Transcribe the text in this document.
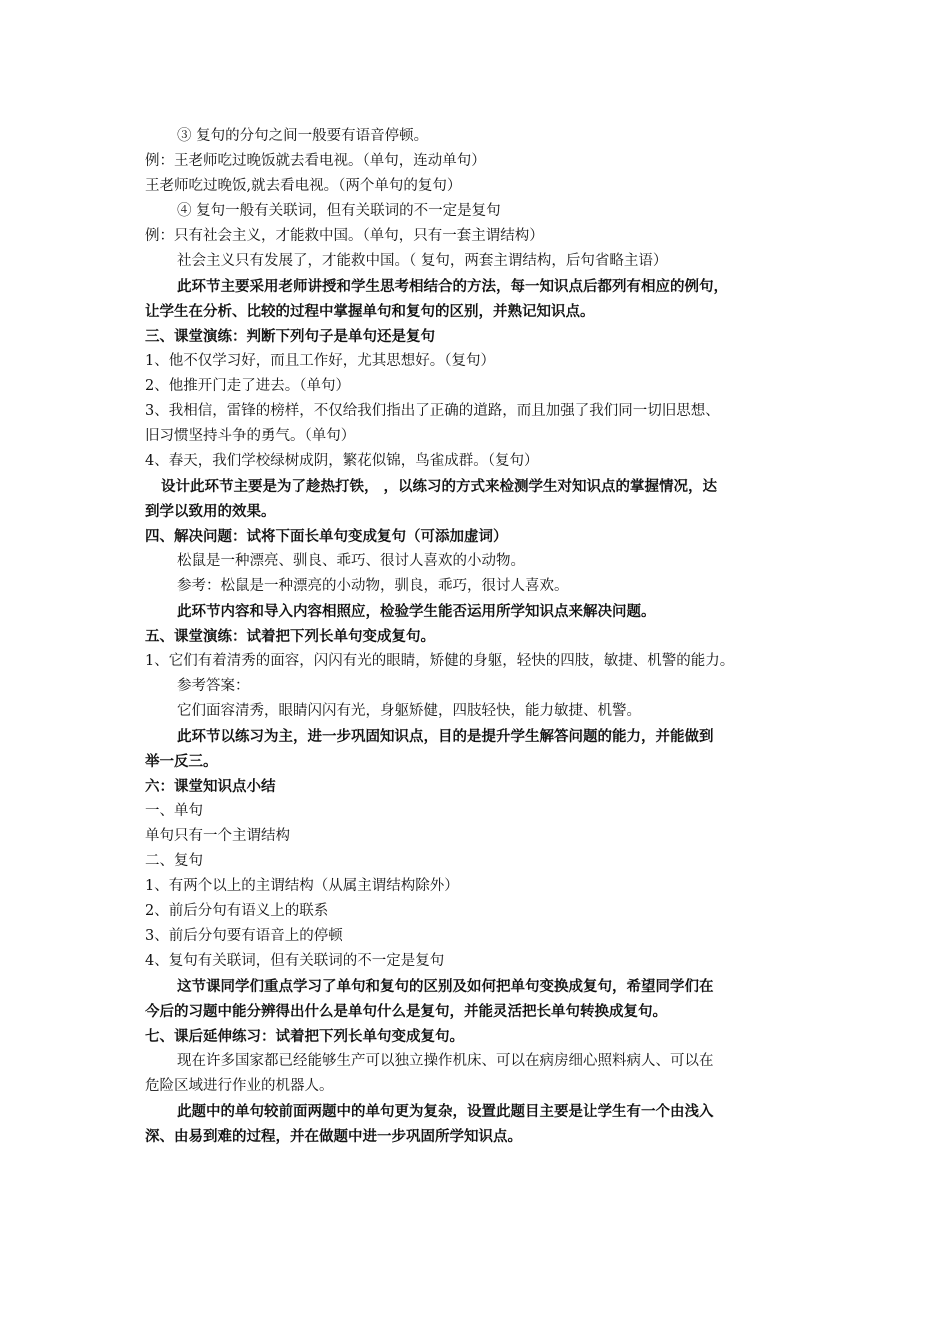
③ 复句的分句之间一般要有语音停顿。
例：王老师吃过晚饭就去看电视。（单句，连动单句）
王老师吃过晚饭,就去看电视。（两个单句的复句）
④ 复句一般有关联词，但有关联词的不一定是复句
例：只有社会主义，才能救中国。（单句，只有一套主谓结构）
社会主义只有发展了，才能救中国。（ 复句，两套主谓结构，后句省略主语）
此环节主要采用老师讲授和学生思考相结合的方法，每一知识点后都列有相应的例句，
让学生在分析、比较的过程中掌握单句和复句的区别，并熟记知识点。
三、课堂演练：判断下列句子是单句还是复句
1、他不仅学习好，而且工作好，尤其思想好。（复句）
2、他推开门走了进去。（单句）
3、我相信，雷锋的榜样，不仅给我们指出了正确的道路，而且加强了我们同一切旧思想、
旧习惯坚持斗争的勇气。（单句）
4、春天，我们学校绿树成阴，繁花似锦，鸟雀成群。（复句）
设计此环节主要是为了趁热打铁， ，以练习的方式来检测学生对知识点的掌握情况，达
到学以致用的效果。
四、解决问题：试将下面长单句变成复句（可添加虚词）
松鼠是一种漂亮、驯良、乖巧、很讨人喜欢的小动物。
参考：松鼠是一种漂亮的小动物，驯良，乖巧，很讨人喜欢。
此环节内容和导入内容相照应，检验学生能否运用所学知识点来解决问题。
五、课堂演练：试着把下列长单句变成复句。
1、它们有着清秀的面容，闪闪有光的眼睛，矫健的身躯，轻快的四肢，敏捷、机警的能力。
参考答案：
它们面容清秀，眼睛闪闪有光，身躯矫健，四肢轻快，能力敏捷、机警。
此环节以练习为主，进一步巩固知识点，目的是提升学生解答问题的能力，并能做到
举一反三。
六：课堂知识点小结
一、单句
单句只有一个主谓结构
二、复句
1、有两个以上的主谓结构（从属主谓结构除外）
2、前后分句有语义上的联系
3、前后分句要有语音上的停顿
4、复句有关联词，但有关联词的不一定是复句
这节课同学们重点学习了单句和复句的区别及如何把单句变换成复句，希望同学们在
今后的习题中能分辨得出什么是单句什么是复句，并能灵活把长单句转换成复句。
七、课后延伸练习：试着把下列长单句变成复句。
现在许多国家都已经能够生产可以独立操作机床、可以在病房细心照料病人、可以在
危险区域进行作业的机器人。
此题中的单句较前面两题中的单句更为复杂，设置此题目主要是让学生有一个由浅入
深、由易到难的过程，并在做题中进一步巩固所学知识点。
